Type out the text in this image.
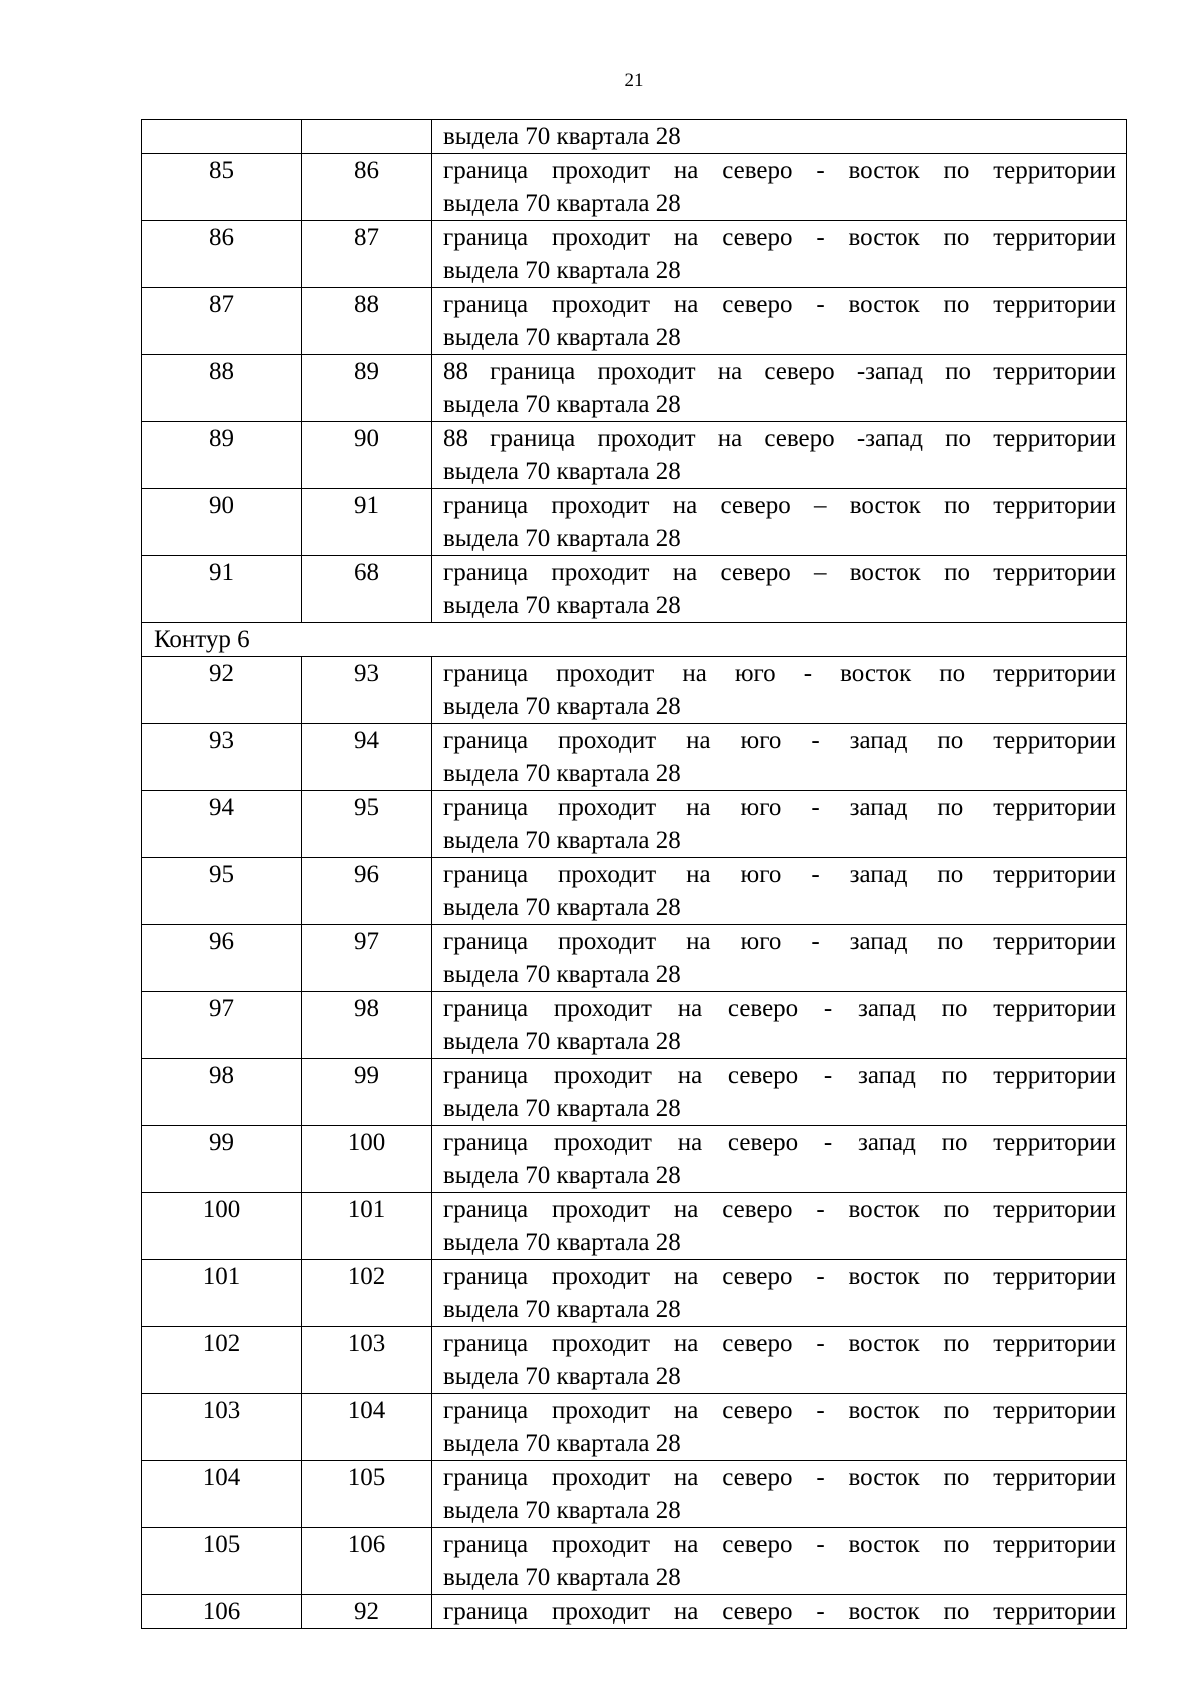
21

		выдела 70 квартала 28

85	86	граница проходит на северо - восток по территории
выдела 70 квартала 28

86	87	граница проходит на северо - восток по территории
выдела 70 квартала 28

87	88	граница проходит на северо - восток по территории
выдела 70 квартала 28

88	89	88 граница проходит на северо -запад по территории
выдела 70 квартала 28

89	90	88 граница проходит на северо -запад по территории
выдела 70 квартала 28

90	91	граница проходит на северо – восток по территории
выдела 70 квартала 28

91	68	граница проходит на северо – восток по территории
выдела 70 квартала 28

Контур 6		
92	93	граница проходит на юго - восток по территории
выдела 70 квартала 28

93	94	граница проходит на юго - запад по территории
выдела 70 квартала 28

94	95	граница проходит на юго - запад по территории
выдела 70 квартала 28

95	96	граница проходит на юго - запад по территории
выдела 70 квартала 28

96	97	граница проходит на юго - запад по территории
выдела 70 квартала 28

97	98	граница проходит на северо - запад по территории
выдела 70 квартала 28

98	99	граница проходит на северо - запад по территории
выдела 70 квартала 28

99	100	граница проходит на северо - запад по территории
выдела 70 квартала 28

100	101	граница проходит на северо - восток по территории
выдела 70 квартала 28

101	102	граница проходит на северо - восток по территории
выдела 70 квартала 28

102	103	граница проходит на северо - восток по территории
выдела 70 квартала 28

103	104	граница проходит на северо - восток по территории
выдела 70 квартала 28

104	105	граница проходит на северо - восток по территории
выдела 70 квартала 28

105	106	граница проходит на северо - восток по территории
выдела 70 квартала 28

106	92	граница проходит на северо - восток по территории
